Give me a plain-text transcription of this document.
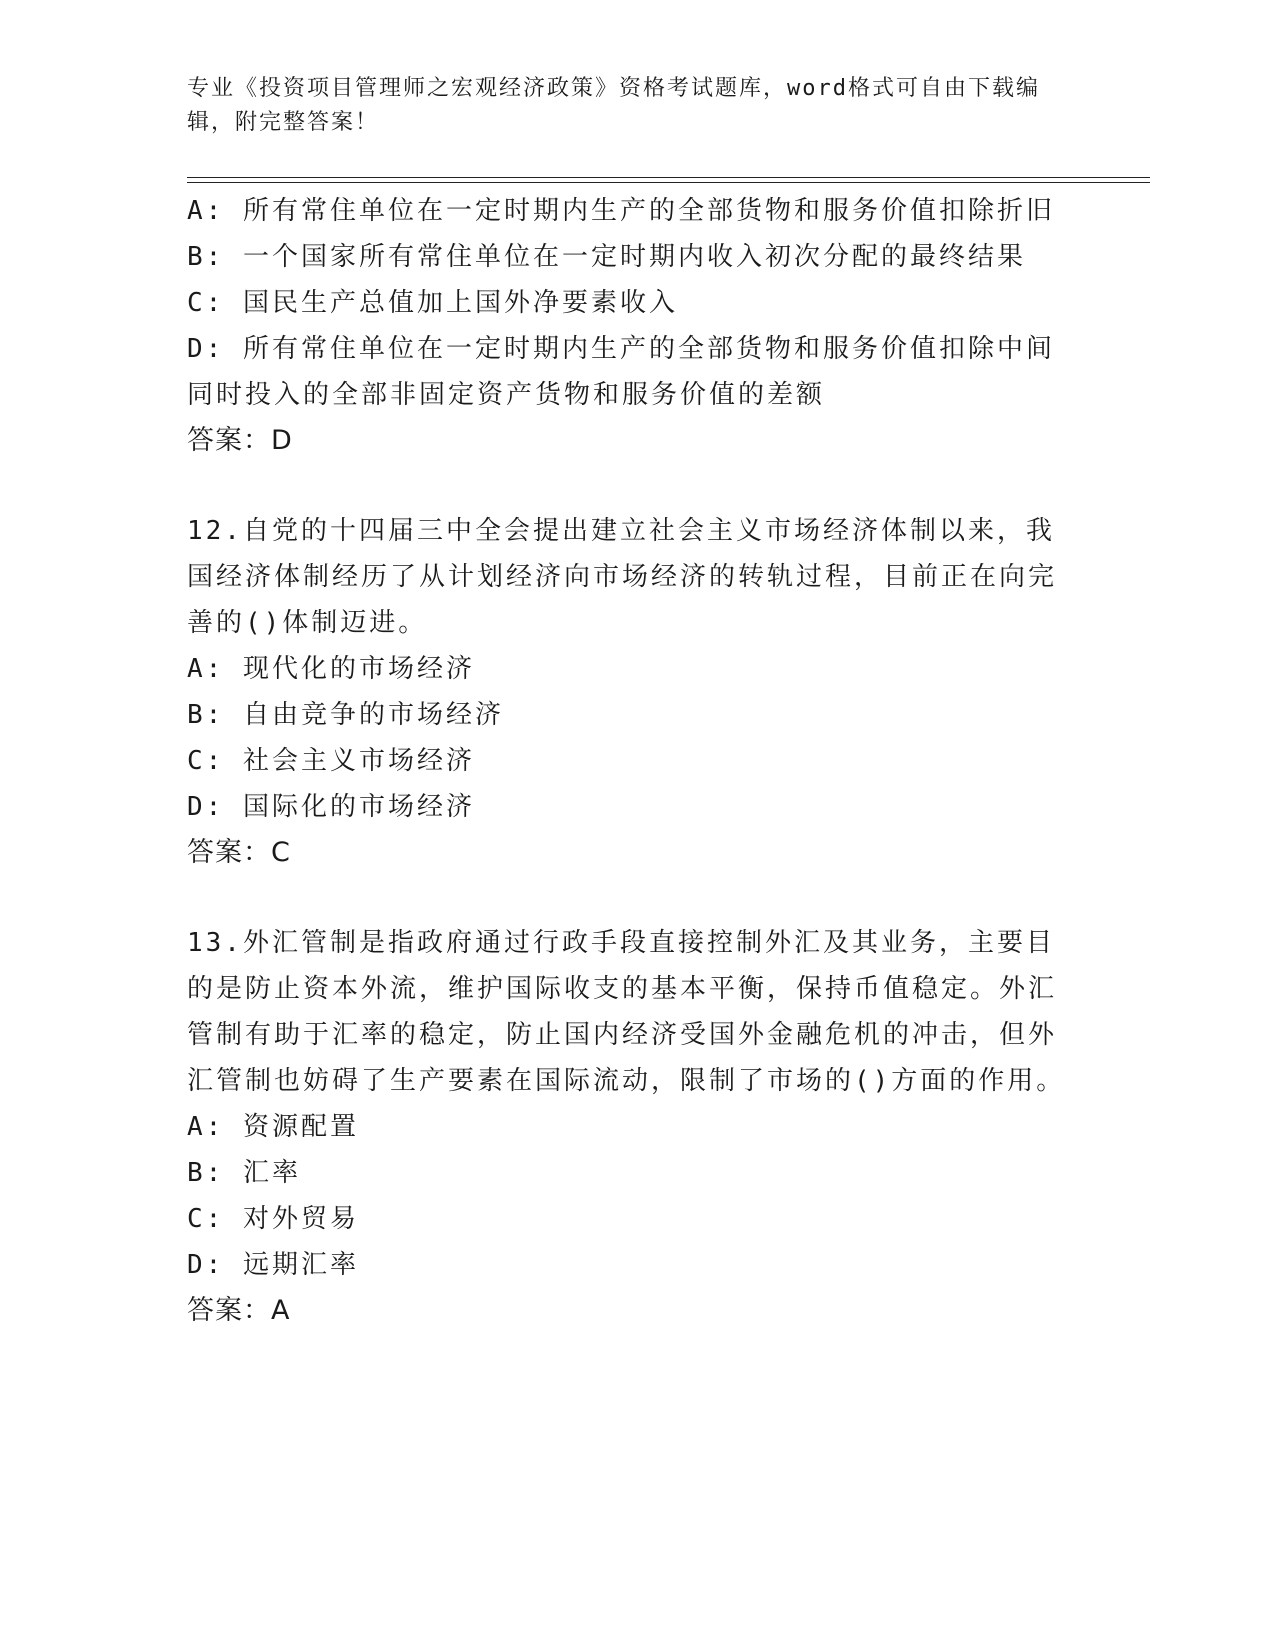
专业《投资项目管理师之宏观经济政策》资格考试题库，word格式可自由下载编辑，附完整答案！

A: 所有常住单位在一定时期内生产的全部货物和服务价值扣除折旧

B: 一个国家所有常住单位在一定时期内收入初次分配的最终结果

C: 国民生产总值加上国外净要素收入

D: 所有常住单位在一定时期内生产的全部货物和服务价值扣除中间同时投入的全部非固定资产货物和服务价值的差额

答案：D

12.自党的十四届三中全会提出建立社会主义市场经济体制以来，我国经济体制经历了从计划经济向市场经济的转轨过程，目前正在向完善的()体制迈进。

A: 现代化的市场经济

B: 自由竞争的市场经济

C: 社会主义市场经济

D: 国际化的市场经济

答案：C

13.外汇管制是指政府通过行政手段直接控制外汇及其业务，主要目的是防止资本外流，维护国际收支的基本平衡，保持币值稳定。外汇管制有助于汇率的稳定，防止国内经济受国外金融危机的冲击，但外汇管制也妨碍了生产要素在国际流动，限制了市场的()方面的作用。

A: 资源配置

B: 汇率

C: 对外贸易

D: 远期汇率

答案：A
